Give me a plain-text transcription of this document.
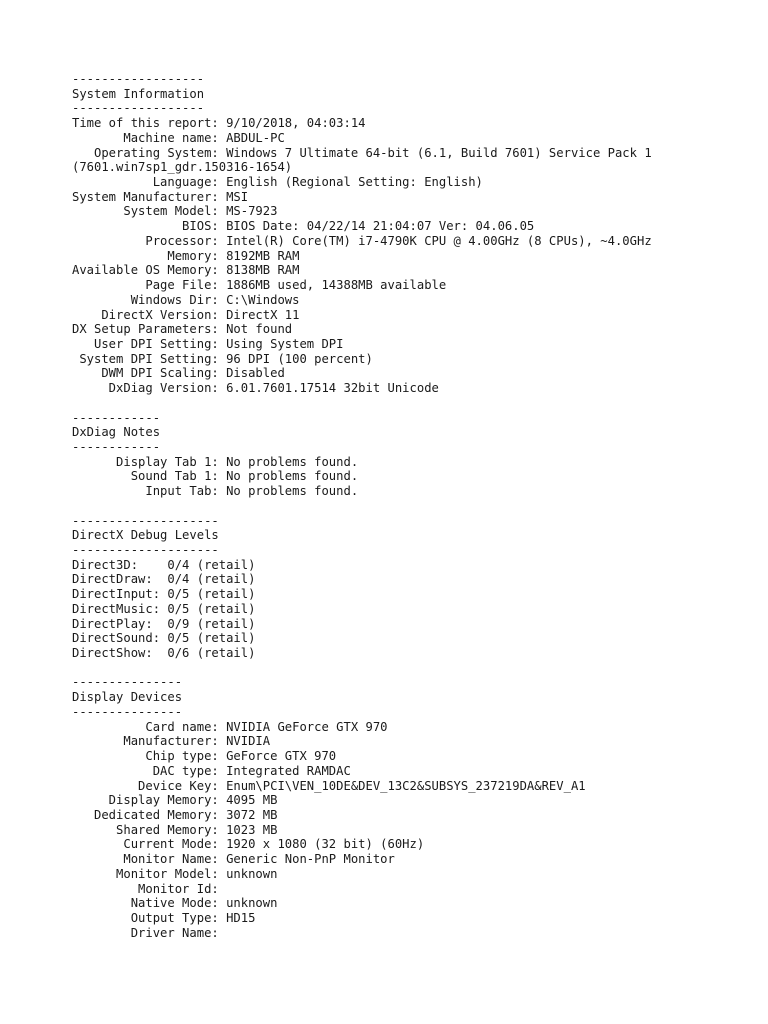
------------------
System Information
------------------
Time of this report: 9/10/2018, 04:03:14
Machine name: ABDUL-PC
Operating System: Windows 7 Ultimate 64-bit (6.1, Build 7601) Service Pack 1
(7601.win7sp1_gdr.150316-1654)
Language: English (Regional Setting: English)
System Manufacturer: MSI
System Model: MS-7923
BIOS: BIOS Date: 04/22/14 21:04:07 Ver: 04.06.05
Processor: Intel(R) Core(TM) i7-4790K CPU @ 4.00GHz (8 CPUs), ~4.0GHz
Memory: 8192MB RAM
Available OS Memory: 8138MB RAM
Page File: 1886MB used, 14388MB available
Windows Dir: C:\Windows
DirectX Version: DirectX 11
DX Setup Parameters: Not found
User DPI Setting: Using System DPI
System DPI Setting: 96 DPI (100 percent)
DWM DPI Scaling: Disabled
DxDiag Version: 6.01.7601.17514 32bit Unicode
------------
DxDiag Notes
------------
Display Tab 1: No problems found.
Sound Tab 1: No problems found.
Input Tab: No problems found.
--------------------
DirectX Debug Levels
--------------------
Direct3D:    0/4 (retail)
DirectDraw:  0/4 (retail)
DirectInput: 0/5 (retail)
DirectMusic: 0/5 (retail)
DirectPlay:  0/9 (retail)
DirectSound: 0/5 (retail)
DirectShow:  0/6 (retail)
---------------
Display Devices
---------------
Card name: NVIDIA GeForce GTX 970
Manufacturer: NVIDIA
Chip type: GeForce GTX 970
DAC type: Integrated RAMDAC
Device Key: Enum\PCI\VEN_10DE&DEV_13C2&SUBSYS_237219DA&REV_A1
Display Memory: 4095 MB
Dedicated Memory: 3072 MB
Shared Memory: 1023 MB
Current Mode: 1920 x 1080 (32 bit) (60Hz)
Monitor Name: Generic Non-PnP Monitor
Monitor Model: unknown
Monitor Id:
Native Mode: unknown
Output Type: HD15
Driver Name:
